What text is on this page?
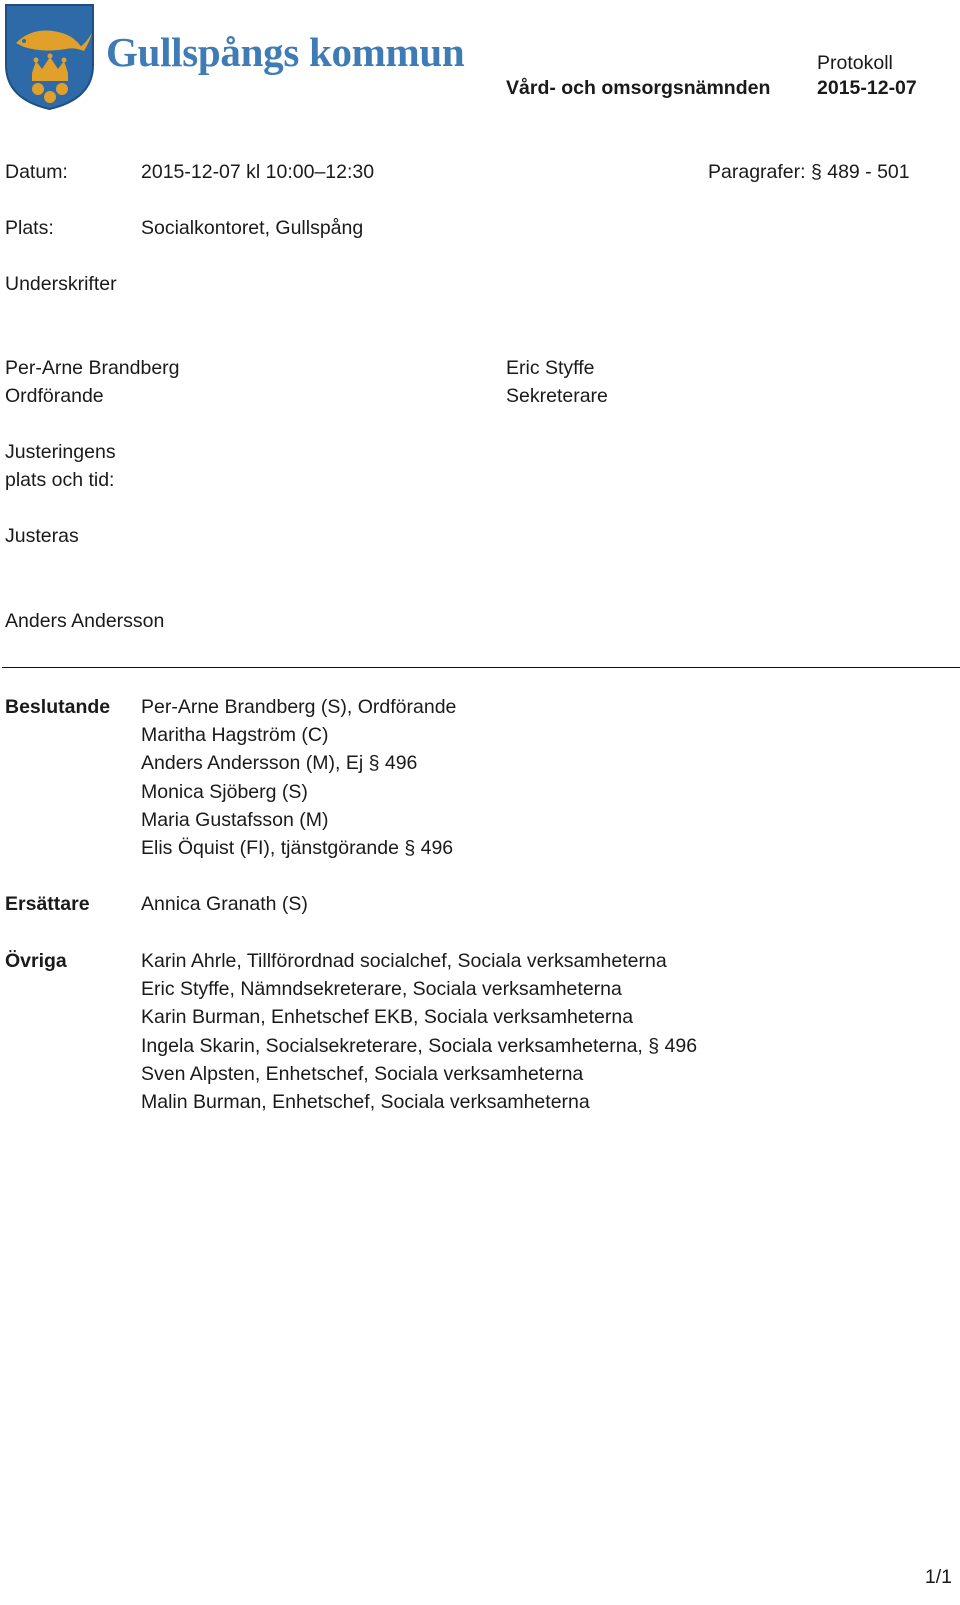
Gullspångs kommun	Protokoll
Vård- och omsorgsnämnden 2015-12-07
Datum:	2015-12-07 kl 10:00–12:30	Paragrafer: § 489 - 501
Plats:	Socialkontoret, Gullspång
Underskrifter
Per-Arne Brandberg
Ordförande
Eric Styffe
Sekreterare
Justeringens
plats och tid:
Justeras
Anders Andersson
Beslutande Per-Arne Brandberg (S), Ordförande
Maritha Hagström (C)
Anders Andersson (M), Ej § 496
Monica Sjöberg (S)
Maria Gustafsson (M)
Elis Öquist (FI), tjänstgörande § 496
Ersättare	Annica Granath (S)
Övriga	Karin Ahrle, Tillförordnad socialchef, Sociala verksamheterna
Eric Styffe, Nämndsekreterare, Sociala verksamheterna
Karin Burman, Enhetschef EKB, Sociala verksamheterna
Ingela Skarin, Socialsekreterare, Sociala verksamheterna, § 496
Sven Alpsten, Enhetschef, Sociala verksamheterna
Malin Burman, Enhetschef, Sociala verksamheterna
1/1
